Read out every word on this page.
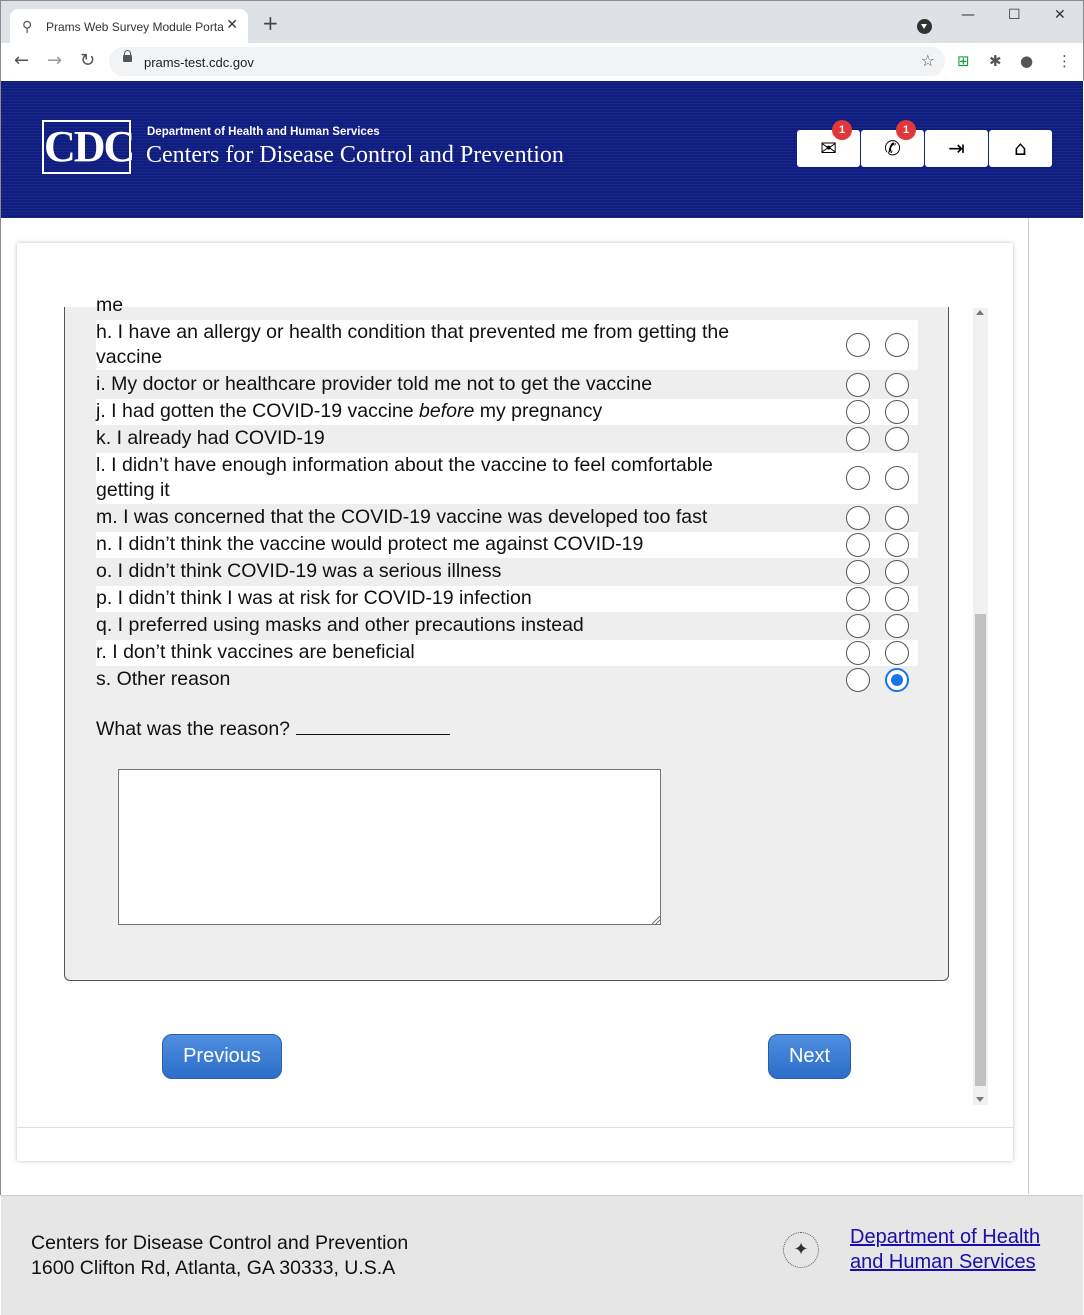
⚲ Prams Web Survey Module Porta ✕ +	— ☐ ✕
← → ↻	prams-test.cdc.gov	☆ ⊞ ✱ ● ⋮
CDC Department of Health and Human Services
Centers for Disease Control and Prevention	✉
1
✆
1
⇥	⌂
me
h. I have an allergy or health condition that prevented me from getting the
vaccine
i. My doctor or healthcare provider told me not to get the vaccine
j. I had gotten the COVID-19 vaccine before my pregnancy
k. I already had COVID-19
l. I didn’t have enough information about the vaccine to feel comfortable
getting it
m. I was concerned that the COVID-19 vaccine was developed too fast
n. I didn’t think the vaccine would protect me against COVID-19
o. I didn’t think COVID-19 was a serious illness
p. I didn’t think I was at risk for COVID-19 infection
q. I preferred using masks and other precautions instead
r. I don’t think vaccines are beneficial
s. Other reason
What was the reason?
Previous	Next
Centers for Disease Control and Prevention
1600 Clifton Rd, Atlanta, GA 30333, U.S.A
✦
Department of Health
and Human Services
